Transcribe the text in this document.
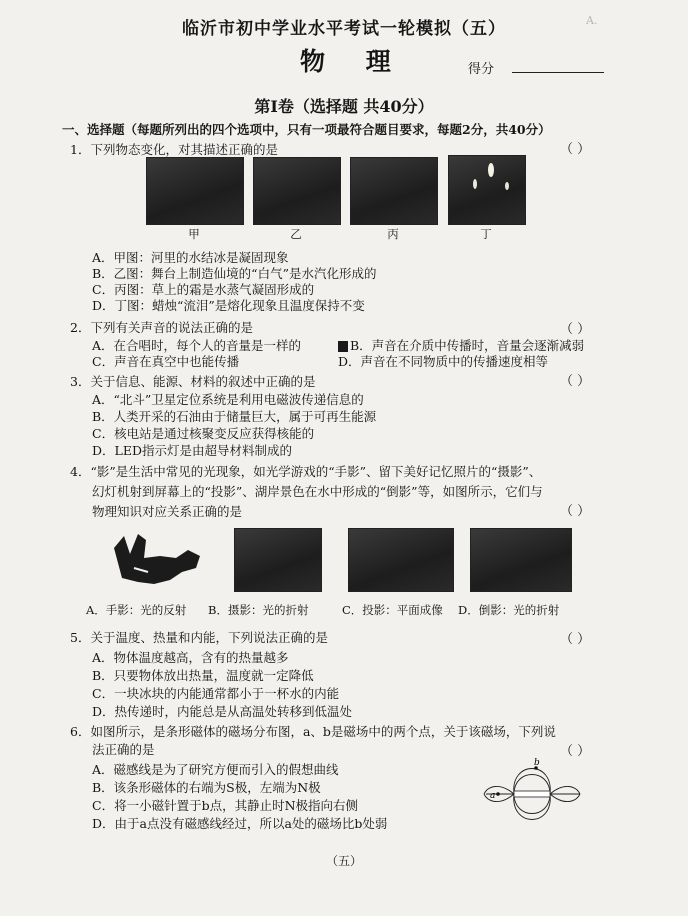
A.
临沂市初中学业水平考试一轮模拟（五）
物 理	得分
第Ⅰ卷（选择题 共40分）
一、选择题（每题所列出的四个选项中，只有一项最符合题目要求，每题2分，共40分）
1．下列物态变化，对其描述正确的是	（ ）
甲	乙	丙	丁
A．甲图：河里的水结冰是凝固现象
B．乙图：舞台上制造仙境的“白气”是水汽化形成的
C．丙图：草上的霜是水蒸气凝固形成的
D．丁图：蜡烛“流泪”是熔化现象且温度保持不变
2．下列有关声音的说法正确的是	（ ）
A．在合唱时，每个人的音量是一样的	B．声音在介质中传播时，音量会逐渐减弱
C．声音在真空中也能传播	D．声音在不同物质中的传播速度相等
3．关于信息、能源、材料的叙述中正确的是	（ ）
A．“北斗”卫星定位系统是利用电磁波传递信息的
B．人类开采的石油由于储量巨大，属于可再生能源
C．核电站是通过核聚变反应获得核能的
D．LED指示灯是由超导材料制成的
4．“影”是生活中常见的光现象，如光学游戏的“手影”、留下美好记忆照片的“摄影”、
幻灯机射到屏幕上的“投影”、湖岸景色在水中形成的“倒影”等，如图所示，它们与
物理知识对应关系正确的是	（ ）
A．手影：光的反射	B．摄影：光的折射	C．投影：平面成像	D．倒影：光的折射
5．关于温度、热量和内能，下列说法正确的是	（ ）
A．物体温度越高，含有的热量越多
B．只要物体放出热量，温度就一定降低
C．一块冰块的内能通常都小于一杯水的内能
D．热传递时，内能总是从高温处转移到低温处
6．如图所示，是条形磁体的磁场分布图，a、b是磁场中的两个点，关于该磁场，下列说
法正确的是	（ ）
A．磁感线是为了研究方便而引入的假想曲线
B．该条形磁体的右端为S极，左端为N极
C．将一小磁针置于b点，其静止时N极指向右侧
D．由于a点没有磁感线经过，所以a处的磁场比b处弱
a
b
（五）
